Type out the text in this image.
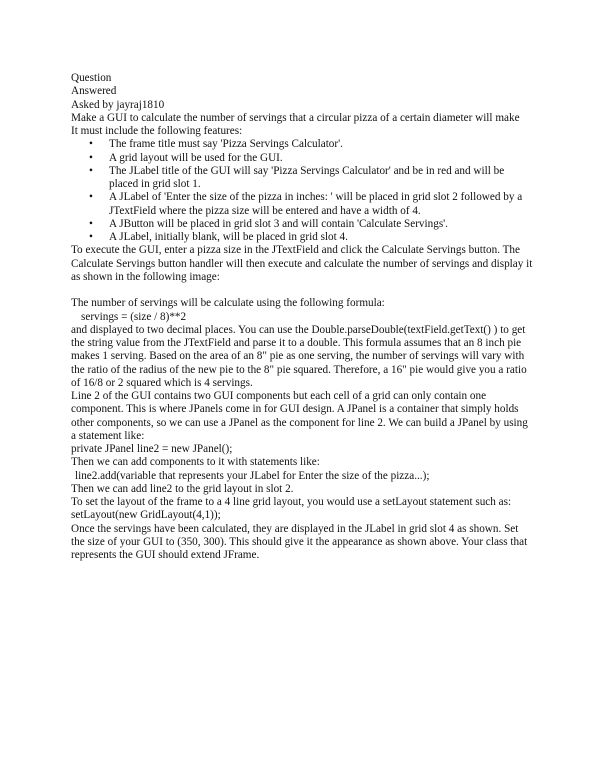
Question
Answered
Asked by jayraj1810

Make a GUI to calculate the number of servings that a circular pizza of a certain diameter will make

It must include the following features:
• The frame title must say 'Pizza Servings Calculator'.
• A grid layout will be used for the GUI.
• The JLabel title of the GUI will say 'Pizza Servings Calculator' and be in red and will be placed in grid slot 1.
• A JLabel of 'Enter the size of the pizza in inches: ' will be placed in grid slot 2 followed by a JTextField where the pizza size will be entered and have a width of 4.
• A JButton will be placed in grid slot 3 and will contain 'Calculate Servings'.
• A JLabel, initially blank, will be placed in grid slot 4.

To execute the GUI, enter a pizza size in the JTextField and click the Calculate Servings button. The Calculate Servings button handler will then execute and calculate the number of servings and display it as shown in the following image:

The number of servings will be calculate using the following formula:
servings = (size / 8)**2

and displayed to two decimal places. You can use the Double.parseDouble(textField.getText() ) to get the string value from the JTextField and parse it to a double. This formula assumes that an 8 inch pie makes 1 serving. Based on the area of an 8" pie as one serving, the number of servings will vary with the ratio of the radius of the new pie to the 8" pie squared. Therefore, a 16" pie would give you a ratio of 16/8 or 2 squared which is 4 servings.

Line 2 of the GUI contains two GUI components but each cell of a grid can only contain one component. This is where JPanels come in for GUI design. A JPanel is a container that simply holds other components, so we can use a JPanel as the component for line 2. We can build a JPanel by using a statement like:

private JPanel line2 = new JPanel();
Then we can add components to it with statements like:
line2.add(variable that represents your JLabel for Enter the size of the pizza...);
Then we can add line2 to the grid layout in slot 2.

To set the layout of the frame to a 4 line grid layout, you would use a setLayout statement such as:

setLayout(new GridLayout(4,1));

Once the servings have been calculated, they are displayed in the JLabel in grid slot 4 as shown. Set the size of your GUI to (350, 300). This should give it the appearance as shown above. Your class that represents the GUI should extend JFrame.
